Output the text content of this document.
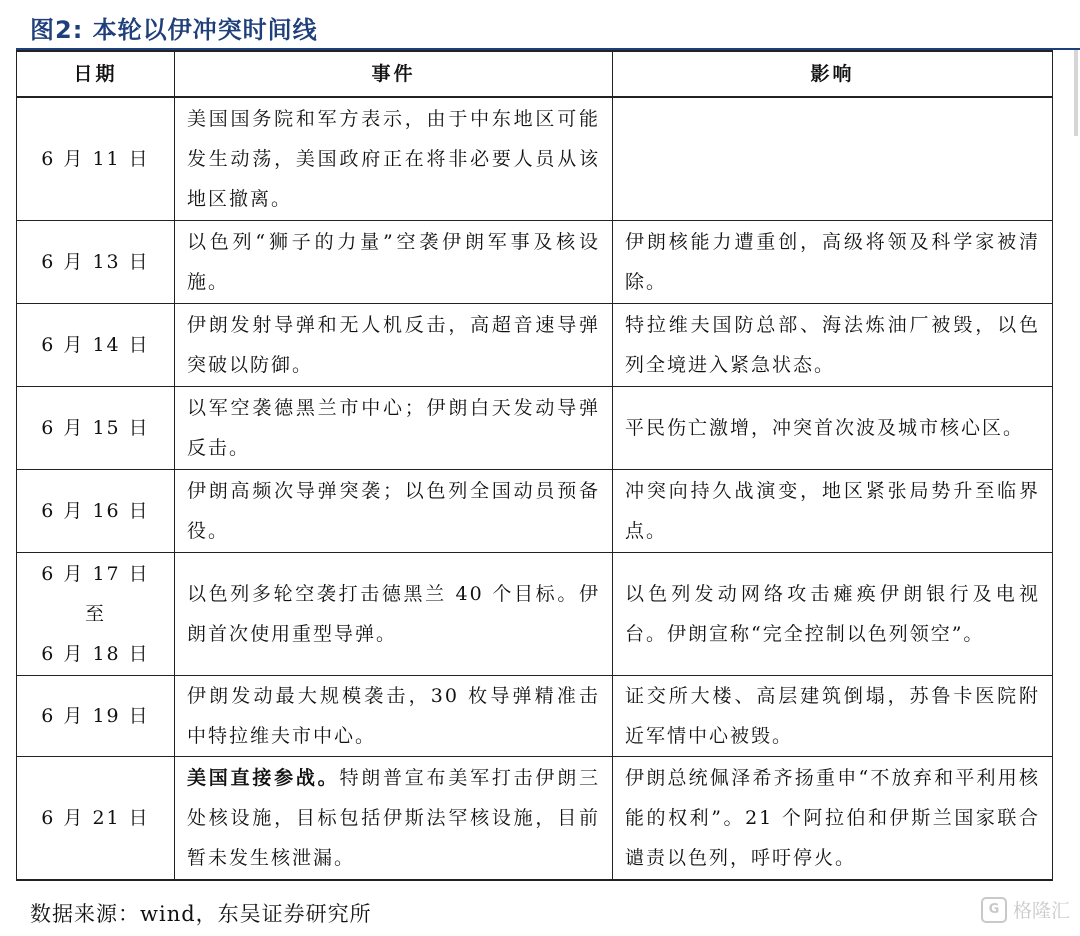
图2: 本轮以伊冲突时间线
日期	事件	影响

6 月 11 日	美国国务院和军方表示，由于中东地区可能发生动荡，美国政府正在将非必要人员从该地区撤离。	

6 月 13 日	以色列“狮子的力量”空袭伊朗军事及核设施。	伊朗核能力遭重创，高级将领及科学家被清除。

6 月 14 日	伊朗发射导弹和无人机反击，高超音速导弹突破以防御。	特拉维夫国防总部、海法炼油厂被毁，以色列全境进入紧急状态。

6 月 15 日	以军空袭德黑兰市中心；伊朗白天发动导弹反击。	平民伤亡激增，冲突首次波及城市核心区。

6 月 16 日	伊朗高频次导弹突袭；以色列全国动员预备役。	冲突向持久战演变，地区紧张局势升至临界点。

6 月 17 日
至
6 月 18 日	以色列多轮空袭打击德黑兰 40 个目标。伊朗首次使用重型导弹。	以色列发动网络攻击瘫痪伊朗银行及电视台。伊朗宣称“完全控制以色列领空”。

6 月 19 日	伊朗发动最大规模袭击，30 枚导弹精准击中特拉维夫市中心。	证交所大楼、高层建筑倒塌，苏鲁卡医院附近军情中心被毁。

6 月 21 日	美国直接参战。特朗普宣布美军打击伊朗三处核设施，目标包括伊斯法罕核设施，目前暂未发生核泄漏。	伊朗总统佩泽希齐扬重申“不放弃和平利用核能的权利”。21 个阿拉伯和伊斯兰国家联合谴责以色列，呼吁停火。
数据来源：wind，东吴证券研究所	G 格隆汇
